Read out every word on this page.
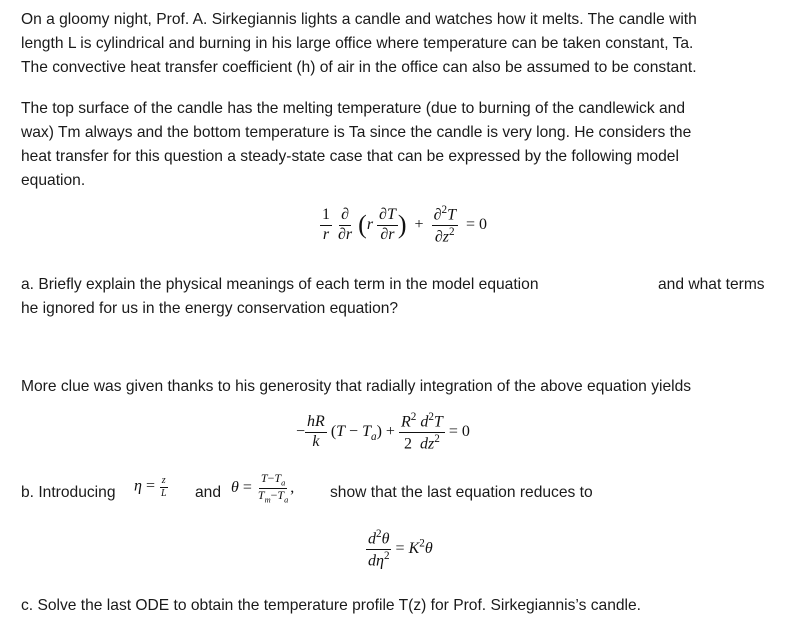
On a gloomy night, Prof. A. Sirkegiannis lights a candle and watches how it melts. The candle with
length L is cylindrical and burning in his large office where temperature can be taken constant, Ta.
The convective heat transfer coefficient (h) of air in the office can also be assumed to be constant.
The top surface of the candle has the melting temperature (due to burning of the candlewick and
wax) Tm always and the bottom temperature is Ta since the candle is very long. He considers the
heat transfer for this question a steady-state case that can be expressed by the following model
equation.
$\frac{1}{r}$
$\frac{\partial}{\partial r} (r \frac{\partial T}{\partial r}$ )  + $\frac{\partial^2T}{\partial z^2} = 0$
a. Briefly explain the physical meanings of each term in the model equation	and what terms
he ignored for us in the energy conservation equation?
More clue was given thanks to his generosity that radially integration of the above equation yields
− $\frac{hR}{k} (T - T_a) + \frac{R^2 d^2T}{2 dz^2} = 0$
b. Introducing $\eta = \frac{z}{L}$ and $\theta = \frac{T-T_a}{T_m-T_a}$ , show that the last equation reduces to
$\frac{d^2\theta}{d\eta^2} = K^2\theta$
c. Solve the last ODE to obtain the temperature profile T(z) for Prof. Sirkegiannis’s candle.
